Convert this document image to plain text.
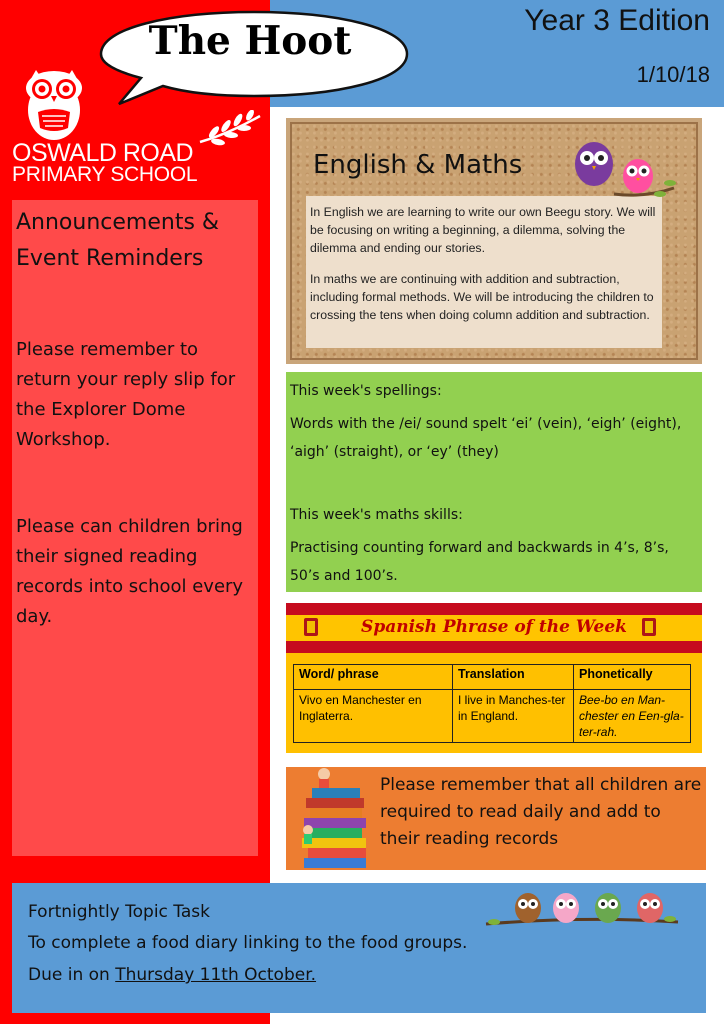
The Hoot	Year 3 Edition
1/10/18
OSWALD ROAD
PRIMARY SCHOOL
Announcements & Event Reminders
Please remember to return your reply slip for the Explorer Dome Workshop.
Please can children bring their signed reading records into school every day.
English & Maths
In English we are learning to write our own Beegu story. We will be focusing on writing a beginning, a dilemma, solving the dilemma and ending our stories.
In maths we are continuing with addition and subtraction, including formal methods. We will be introducing the children to crossing the tens when doing column addition and subtraction.
This week's spellings:
Words with the /ei/ sound spelt ‘ei’ (vein), ‘eigh’ (eight), ‘aigh’ (straight), or ‘ey’ (they)
This week's maths skills:
Practising counting forward and backwards in 4’s, 8’s, 50’s and 100’s.
Spanish Phrase of the Week
Word/ phrase	Translation	Phonetically
Vivo en Manchester en Inglaterra.	I live in Manches-ter in England.	Bee-bo en Man-chester en Een-gla-ter-rah.
Please remember that all children are required to read daily and add to their reading records
Fortnightly Topic Task
To complete a food diary linking to the food groups.
Due in on Thursday 11th October.
